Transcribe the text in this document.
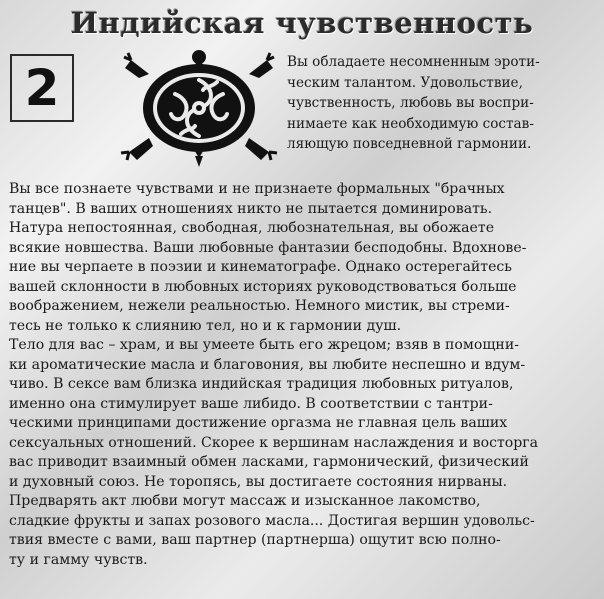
Индийская чувственность
2	Вы обладаете несомненным эроти-
ческим талантом. Удовольствие,
чувственность, любовь вы воспри-
нимаете как необходимую состав-
ляющую повседневной гармонии.
Вы все познаете чувствами и не признаете формальных "брачных
танцев". В ваших отношениях никто не пытается доминировать.
Натура непостоянная, свободная, любознательная, вы обожаете
всякие новшества. Ваши любовные фантазии бесподобны. Вдохнове-
ние вы черпаете в поэзии и кинематографе. Однако остерегайтесь
вашей склонности в любовных историях руководствоваться больше
воображением, нежели реальностью. Немного мистик, вы стреми-
тесь не только к слиянию тел, но и к гармонии душ.
Тело для вас – храм, и вы умеете быть его жрецом; взяв в помощни-
ки ароматические масла и благовония, вы любите неспешно и вдум-
чиво. В сексе вам близка индийская традиция любовных ритуалов,
именно она стимулирует ваше либидо. В соответствии с тантри-
ческими принципами достижение оргазма не главная цель ваших
сексуальных отношений. Скорее к вершинам наслаждения и восторга
вас приводит взаимный обмен ласками, гармонический, физический
и духовный союз. Не торопясь, вы достигаете состояния нирваны.
Предварять акт любви могут массаж и изысканное лакомство,
сладкие фрукты и запах розового масла... Достигая вершин удовольс-
твия вместе с вами, ваш партнер (партнерша) ощутит всю полно-
ту и гамму чувств.
